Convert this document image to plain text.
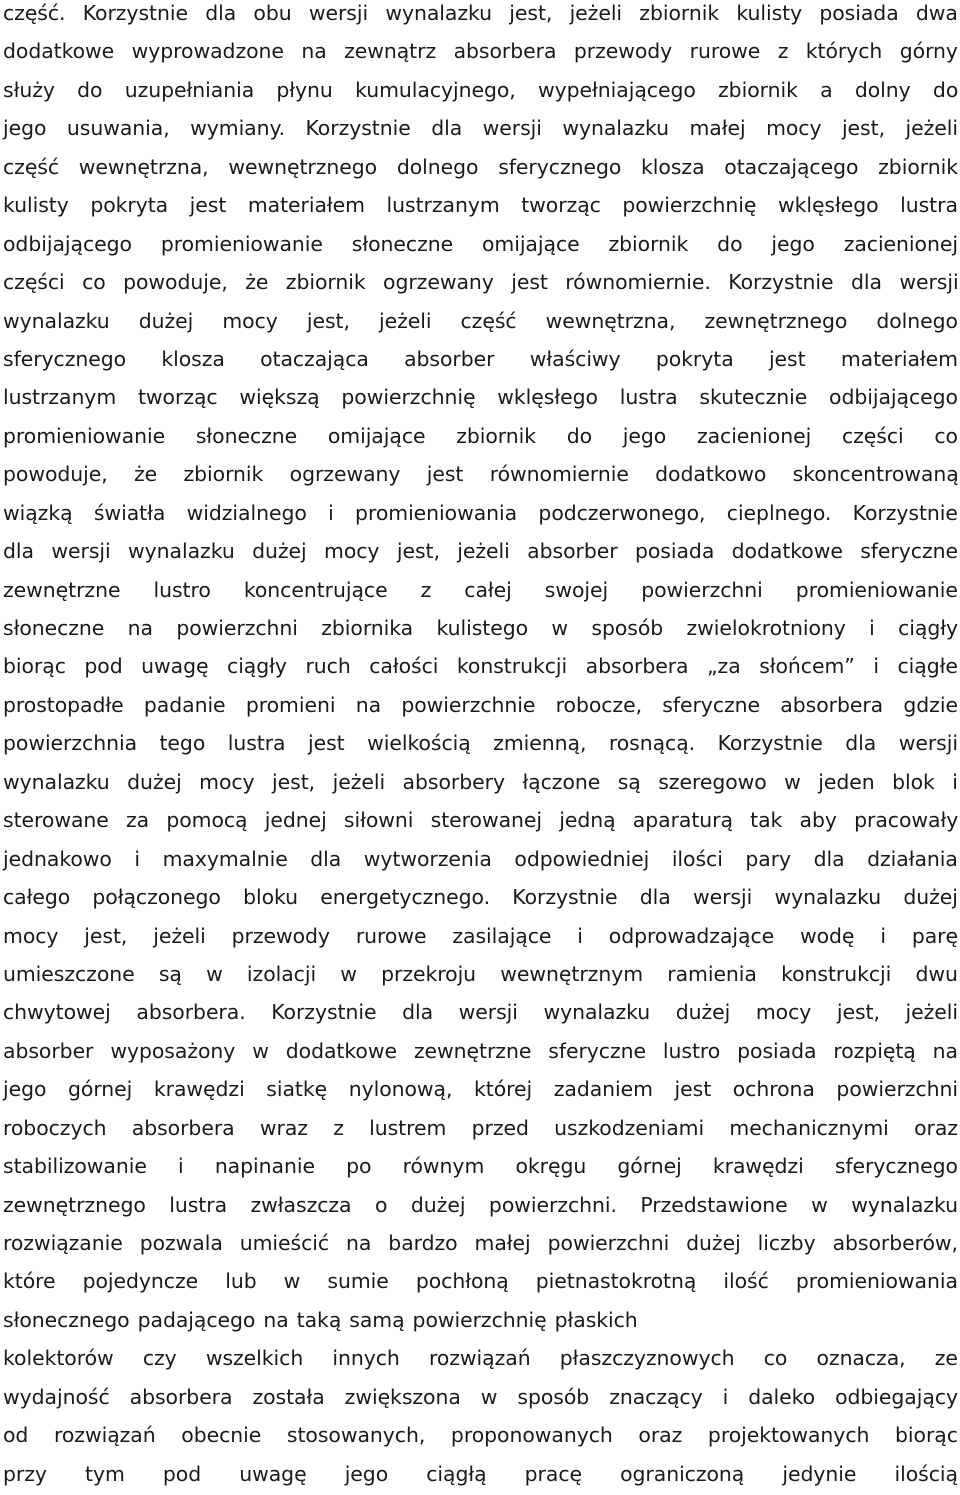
część. Korzystnie dla obu wersji wynalazku jest, jeżeli zbiornik kulisty posiada dwa
dodatkowe wyprowadzone na zewnątrz absorbera przewody rurowe z których górny
służy do uzupełniania płynu kumulacyjnego, wypełniającego zbiornik a dolny do
jego usuwania, wymiany. Korzystnie dla wersji wynalazku małej mocy jest, jeżeli
część wewnętrzna, wewnętrznego dolnego sferycznego klosza otaczającego zbiornik
kulisty pokryta jest materiałem lustrzanym tworząc powierzchnię wklęsłego lustra
odbijającego promieniowanie słoneczne omijające zbiornik do jego zacienionej
części co powoduje, że zbiornik ogrzewany jest równomiernie. Korzystnie dla wersji
wynalazku dużej mocy jest, jeżeli część wewnętrzna, zewnętrznego dolnego
sferycznego klosza otaczająca absorber właściwy pokryta jest materiałem
lustrzanym tworząc większą powierzchnię wklęsłego lustra skutecznie odbijającego
promieniowanie słoneczne omijające zbiornik do jego zacienionej części co
powoduje, że zbiornik ogrzewany jest równomiernie dodatkowo skoncentrowaną
wiązką światła widzialnego i promieniowania podczerwonego, cieplnego. Korzystnie
dla wersji wynalazku dużej mocy jest, jeżeli absorber posiada dodatkowe sferyczne
zewnętrzne lustro koncentrujące z całej swojej powierzchni promieniowanie
słoneczne na powierzchni zbiornika kulistego w sposób zwielokrotniony i ciągły
biorąc pod uwagę ciągły ruch całości konstrukcji absorbera „za słońcem” i ciągłe
prostopadłe padanie promieni na powierzchnie robocze, sferyczne absorbera gdzie
powierzchnia tego lustra jest wielkością zmienną, rosnącą. Korzystnie dla wersji
wynalazku dużej mocy jest, jeżeli absorbery łączone są szeregowo w jeden blok i
sterowane za pomocą jednej siłowni sterowanej jedną aparaturą tak aby pracowały
jednakowo i maxymalnie dla wytworzenia odpowiedniej ilości pary dla działania
całego połączonego bloku energetycznego. Korzystnie dla wersji wynalazku dużej
mocy jest, jeżeli przewody rurowe zasilające i odprowadzające wodę i parę
umieszczone są w izolacji w przekroju wewnętrznym ramienia konstrukcji dwu
chwytowej absorbera. Korzystnie dla wersji wynalazku dużej mocy jest, jeżeli
absorber wyposażony w dodatkowe zewnętrzne sferyczne lustro posiada rozpiętą na
jego górnej krawędzi siatkę nylonową, której zadaniem jest ochrona powierzchni
roboczych absorbera wraz z lustrem przed uszkodzeniami mechanicznymi oraz
stabilizowanie i napinanie po równym okręgu górnej krawędzi sferycznego
zewnętrznego lustra zwłaszcza o dużej powierzchni. Przedstawione w wynalazku
rozwiązanie pozwala umieścić na bardzo małej powierzchni dużej liczby absorberów,
które pojedyncze lub w sumie pochłoną pietnastokrotną ilość promieniowania
słonecznego padającego na taką samą powierzchnię płaskich
kolektorów czy wszelkich innych rozwiązań płaszczyznowych co oznacza, ze
wydajność absorbera została zwiększona w sposób znaczący i daleko odbiegający
od rozwiązań obecnie stosowanych, proponowanych oraz projektowanych biorąc
przy tym pod uwagę jego ciągłą pracę ograniczoną jedynie ilością
